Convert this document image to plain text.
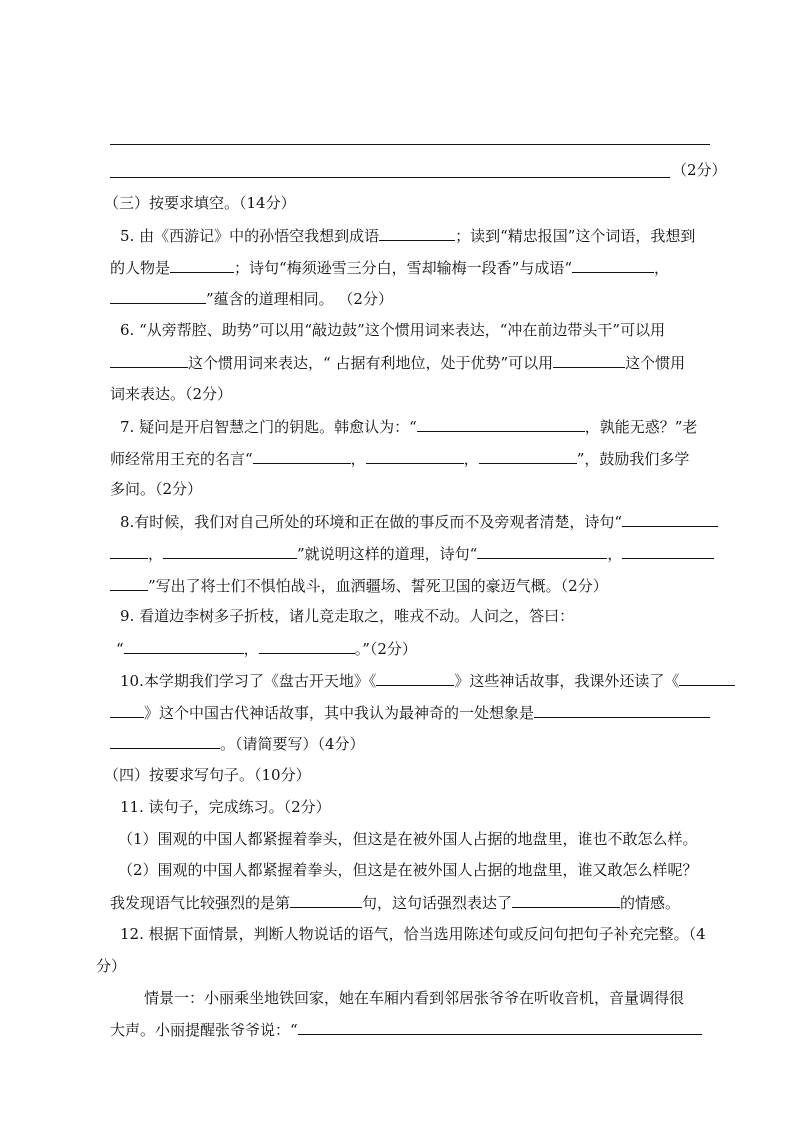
（2分）
（三）按要求填空。（14分）
5. 由《西游记》中的孙悟空我想到成语	；读到“精忠报国”这个词语，我想到
的人物是	；诗句“梅须逊雪三分白，雪却输梅一段香”与成语“	，
”蕴含的道理相同。 （2分）
6. “从旁帮腔、助势”可以用“敲边鼓”这个惯用词来表达，“冲在前边带头干”可以用
这个惯用词来表达，“ 占据有利地位，处于优势”可以用	这个惯用
词来表达。（2分）
7. 疑问是开启智慧之门的钥匙。韩愈认为：“	，孰能无惑？”老
师经常用王充的名言“	，	，	”，鼓励我们多学
多问。（2分）
8.有时候，我们对自己所处的环境和正在做的事反而不及旁观者清楚，诗句“
，	”就说明这样的道理，诗句“	，
”写出了将士们不惧怕战斗，血洒疆场、誓死卫国的豪迈气概。（2分）
9. 看道边李树多子折枝，诸儿竞走取之，唯戎不动。人问之，答曰：
“	，	。”（2分）
10.本学期我们学习了《盘古开天地》《	》这些神话故事，我课外还读了《
》这个中国古代神话故事，其中我认为最神奇的一处想象是
。（请简要写）（4分）
（四）按要求写句子。（10分）
11. 读句子，完成练习。（2分）
（1）围观的中国人都紧握着拳头，但这是在被外国人占据的地盘里，谁也不敢怎么样。
（2）围观的中国人都紧握着拳头，但这是在被外国人占据的地盘里，谁又敢怎么样呢？
我发现语气比较强烈的是第	句，这句话强烈表达了	的情感。
12. 根据下面情景，判断人物说话的语气，恰当选用陈述句或反问句把句子补充完整。（4
分）
情景一：小丽乘坐地铁回家，她在车厢内看到邻居张爷爷在听收音机，音量调得很
大声。小丽提醒张爷爷说：“
